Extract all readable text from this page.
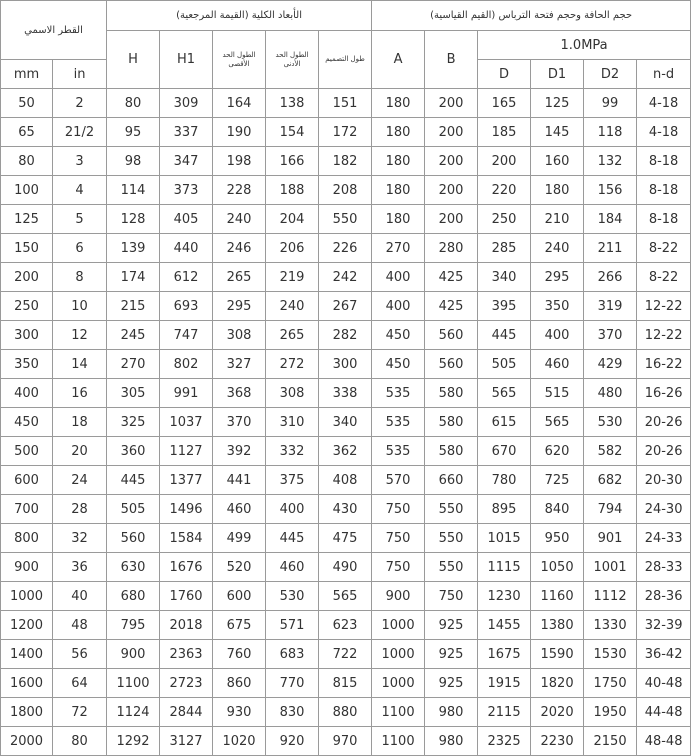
القطر الاسمي		الأبعاد الكلية (القيمة المرجعية)					حجم الحافة وحجم فتحة الترباس (القيم القياسية)					
		H	H1	الطول الحد الأقصى	الطول الحد الأدنى	طول التصميم	A	B	1.0MPa			
mm	in								D	D1	D2	n-d
50	2	80	309	164	138	151	180	200	165	125	99	4-18
65	21/2	95	337	190	154	172	180	200	185	145	118	4-18
80	3	98	347	198	166	182	180	200	200	160	132	8-18
100	4	114	373	228	188	208	180	200	220	180	156	8-18
125	5	128	405	240	204	550	180	200	250	210	184	8-18
150	6	139	440	246	206	226	270	280	285	240	211	8-22
200	8	174	612	265	219	242	400	425	340	295	266	8-22
250	10	215	693	295	240	267	400	425	395	350	319	12-22
300	12	245	747	308	265	282	450	560	445	400	370	12-22
350	14	270	802	327	272	300	450	560	505	460	429	16-22
400	16	305	991	368	308	338	535	580	565	515	480	16-26
450	18	325	1037	370	310	340	535	580	615	565	530	20-26
500	20	360	1127	392	332	362	535	580	670	620	582	20-26
600	24	445	1377	441	375	408	570	660	780	725	682	20-30
700	28	505	1496	460	400	430	750	550	895	840	794	24-30
800	32	560	1584	499	445	475	750	550	1015	950	901	24-33
900	36	630	1676	520	460	490	750	550	1115	1050	1001	28-33
1000	40	680	1760	600	530	565	900	750	1230	1160	1112	28-36
1200	48	795	2018	675	571	623	1000	925	1455	1380	1330	32-39
1400	56	900	2363	760	683	722	1000	925	1675	1590	1530	36-42
1600	64	1100	2723	860	770	815	1000	925	1915	1820	1750	40-48
1800	72	1124	2844	930	830	880	1100	980	2115	2020	1950	44-48
2000	80	1292	3127	1020	920	970	1100	980	2325	2230	2150	48-48
